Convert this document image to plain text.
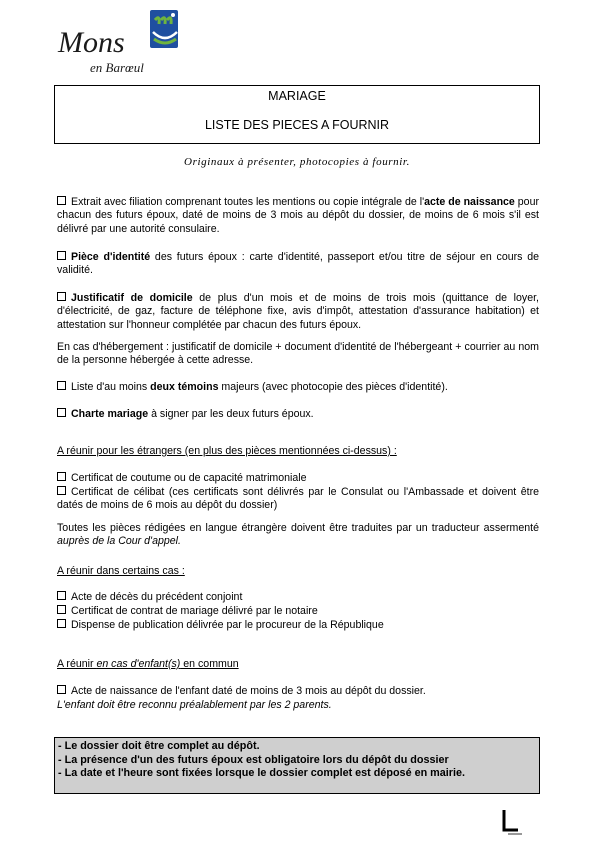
Mons
en Barœul
MARIAGE
LISTE DES PIECES A FOURNIR
Originaux à présenter, photocopies à fournir.
Extrait avec filiation comprenant toutes les mentions ou copie intégrale de l'acte de naissance pour chacun des futurs époux, daté de moins de 3 mois au dépôt du dossier, de moins de 6 mois s'il est délivré par une autorité consulaire.
Pièce d'identité des futurs époux : carte d'identité, passeport et/ou titre de séjour en cours de validité.
Justificatif de domicile de plus d'un mois et de moins de trois mois (quittance de loyer, d'électricité, de gaz, facture de téléphone fixe, avis d'impôt, attestation d'assurance habitation) et attestation sur l'honneur complétée par chacun des futurs époux.
En cas d'hébergement : justificatif de domicile + document d'identité de l'hébergeant + courrier au nom de la personne hébergée à cette adresse.
Liste d'au moins deux témoins majeurs (avec photocopie des pièces d'identité).
Charte mariage à signer par les deux futurs époux.
A réunir pour les étrangers (en plus des pièces mentionnées ci-dessus) :
Certificat de coutume ou de capacité matrimoniale
Certificat de célibat (ces certificats sont délivrés par le Consulat ou l'Ambassade et doivent être datés de moins de 6 mois au dépôt du dossier)
Toutes les pièces rédigées en langue étrangère doivent être traduites par un traducteur assermenté auprès de la Cour d'appel.
A réunir dans certains cas :
Acte de décès du précédent conjoint
Certificat de contrat de mariage délivré par le notaire
Dispense de publication délivrée par le procureur de la République
A réunir en cas d'enfant(s) en commun
Acte de naissance de l'enfant daté de moins de 3 mois au dépôt du dossier.
L'enfant doit être reconnu préalablement par les 2 parents.
- Le dossier doit être complet au dépôt.
- La présence d'un des futurs époux est obligatoire lors du dépôt du dossier
- La date et l'heure sont fixées lorsque le dossier complet est déposé en mairie.
